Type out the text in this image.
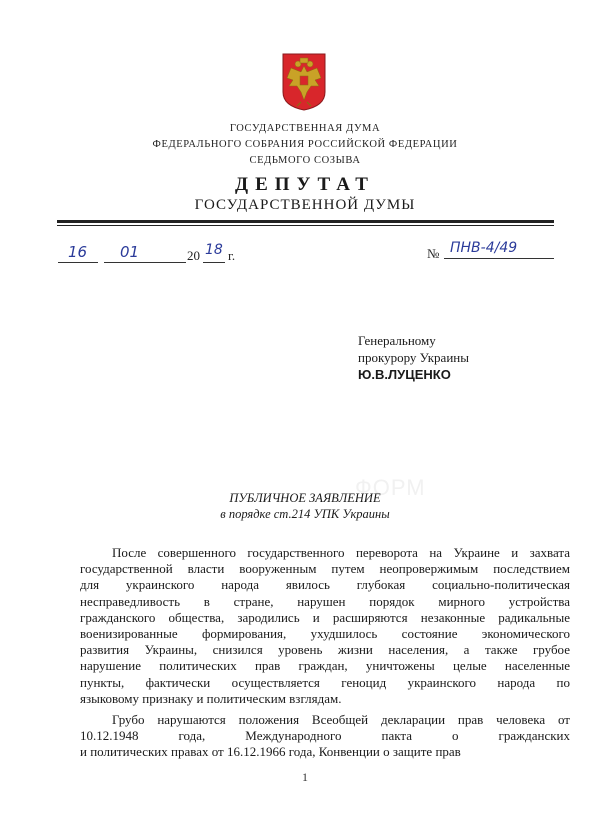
ГОСУДАРСТВЕННАЯ ДУМА
ФЕДЕРАЛЬНОГО СОБРАНИЯ РОССИЙСКОЙ ФЕДЕРАЦИИ
СЕДЬМОГО СОЗЫВА
ДЕПУТАТ
ГОСУДАРСТВЕННОЙ ДУМЫ
16 01	20 18 г.	№ ПНВ-4/49
Генеральному
прокурору Украины
Ю.В.ЛУЦЕНКО
ФОРМ
ПУБЛИЧНОЕ ЗАЯВЛЕНИЕ
в порядке ст.214 УПК Украины
После совершенного государственного переворота на Украине и захвата
государственной власти вооруженным путем неопровержимым последствием
для украинского народа явилось глубокая социально-политическая
несправедливость в стране, нарушен порядок мирного устройства
гражданского общества, зародились и расширяются незаконные радикальные
военизированные формирования, ухудшилось состояние экономического
развития Украины, снизился уровень жизни населения, а также грубое
нарушение политических прав граждан, уничтожены целые населенные
пункты, фактически осуществляется геноцид украинского народа по
языковому признаку и политическим взглядам.
Грубо нарушаются положения Всеобщей декларации прав человека от
10.12.1948 года, Международного пакта о гражданских
и политических правах от 16.12.1966 года, Конвенции о защите прав
1
